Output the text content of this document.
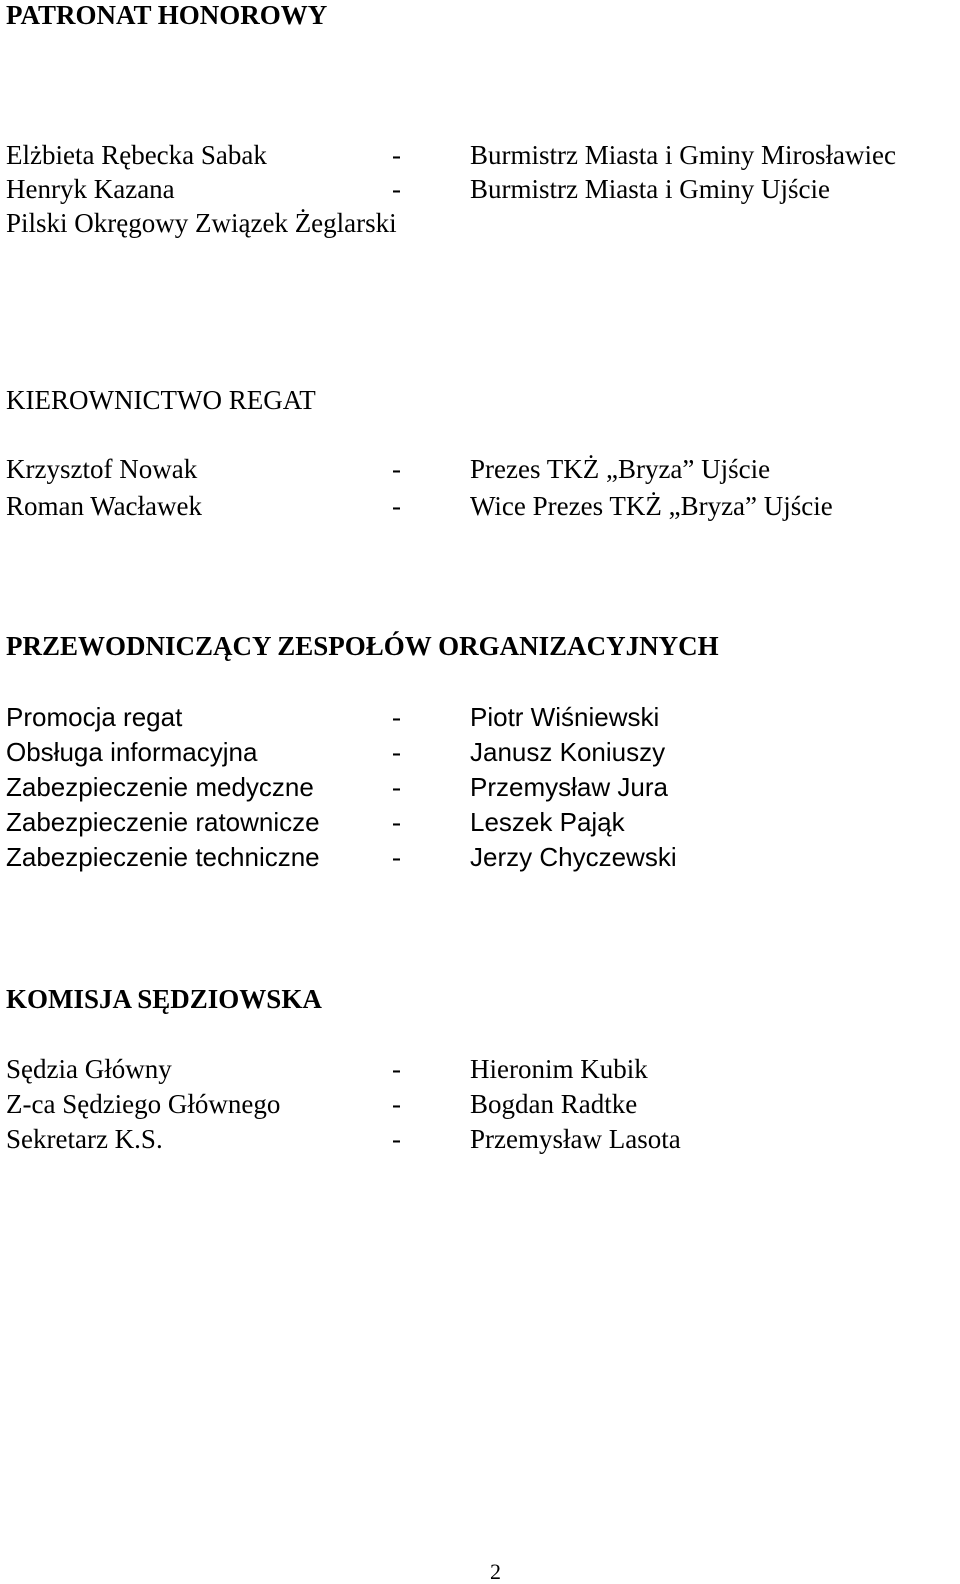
PATRONAT HONOROWY
Elżbieta Rębecka Sabak	-	Burmistrz Miasta i Gminy Mirosławiec
Henryk Kazana	-	Burmistrz Miasta i Gminy Ujście
Pilski Okręgowy Związek Żeglarski
KIEROWNICTWO REGAT
Krzysztof Nowak	-	Prezes TKŻ „Bryza” Ujście
Roman Wacławek	-	Wice Prezes TKŻ „Bryza” Ujście
PRZEWODNICZĄCY ZESPOŁÓW ORGANIZACYJNYCH
Promocja regat	-	Piotr Wiśniewski
Obsługa informacyjna	-	Janusz Koniuszy
Zabezpieczenie medyczne	-	Przemysław Jura
Zabezpieczenie ratownicze	-	Leszek Pająk
Zabezpieczenie techniczne	-	Jerzy Chyczewski
KOMISJA SĘDZIOWSKA
Sędzia Główny	-	Hieronim Kubik
Z-ca Sędziego Głównego	-	Bogdan Radtke
Sekretarz K.S.	-	Przemysław Lasota
2
